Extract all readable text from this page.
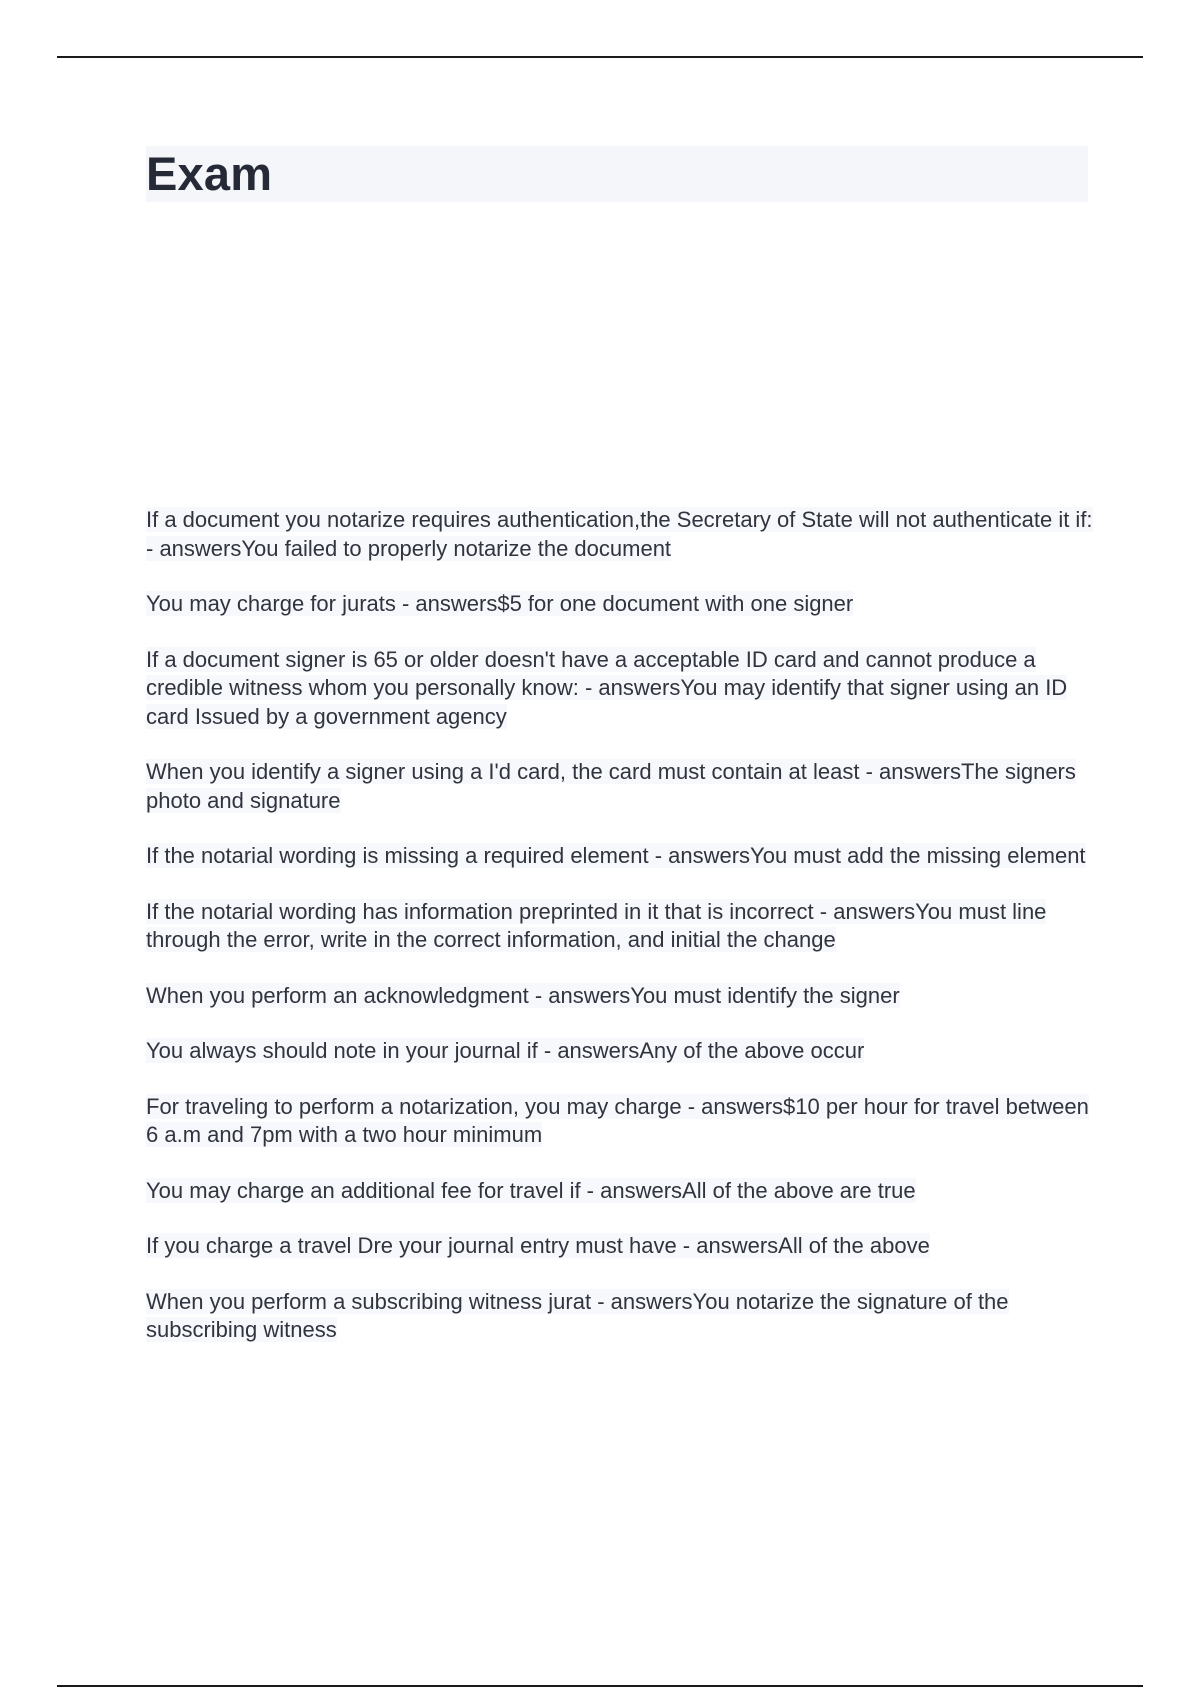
Exam
If a document you notarize requires authentication,the Secretary of State will not authenticate it if: - answersYou failed to properly notarize the document
You may charge for jurats - answers$5 for one document with one signer
If a document signer is 65 or older doesn't have a acceptable ID card and cannot produce a credible witness whom you personally know: - answersYou may identify that signer using an ID card Issued by a government agency
When you identify a signer using a I'd card, the card must contain at least - answersThe signers photo and signature
If the notarial wording is missing a required element - answersYou must add the missing element
If the notarial wording has information preprinted in it that is incorrect - answersYou must line through the error, write in the correct information, and initial the change
When you perform an acknowledgment - answersYou must identify the signer
You always should note in your journal if - answersAny of the above occur
For traveling to perform a notarization, you may charge - answers$10 per hour for travel between 6 a.m and 7pm with a two hour minimum
You may charge an additional fee for travel if - answersAll of the above are true
If you charge a travel Dre your journal entry must have - answersAll of the above
When you perform a subscribing witness jurat - answersYou notarize the signature of the subscribing witness
